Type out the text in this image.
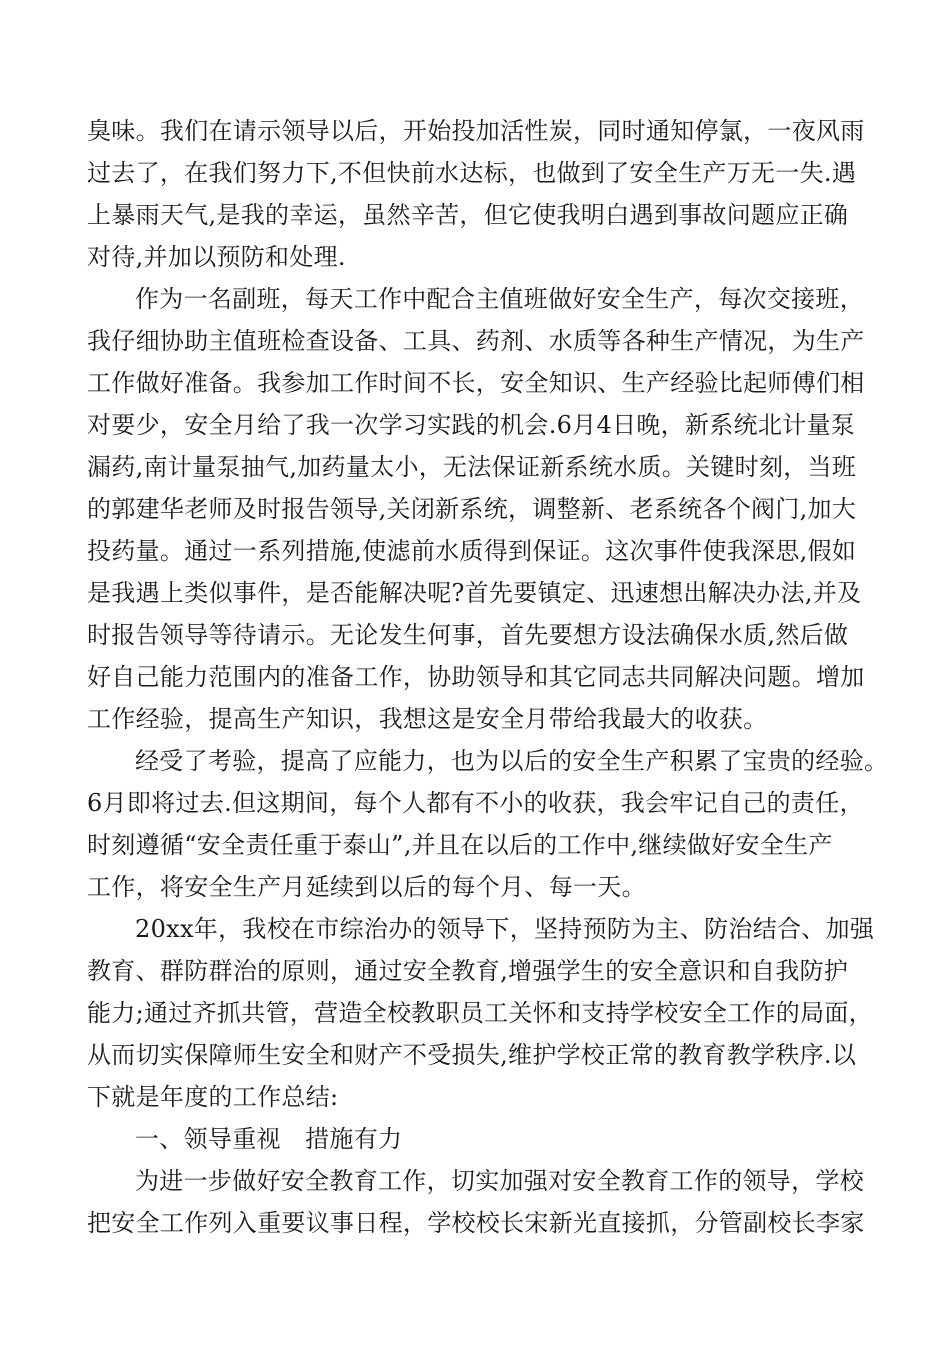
臭味。我们在请示领导以后，开始投加活性炭，同时通知停氯，一夜风雨
过去了，在我们努力下,不但快前水达标，也做到了安全生产万无一失.遇
上暴雨天气,是我的幸运，虽然辛苦，但它使我明白遇到事故问题应正确
对待,并加以预防和处理.
作为一名副班，每天工作中配合主值班做好安全生产，每次交接班，
我仔细协助主值班检查设备、工具、药剂、水质等各种生产情况，为生产
工作做好准备。我参加工作时间不长，安全知识、生产经验比起师傅们相
对要少，安全月给了我一次学习实践的机会.6月4日晚，新系统北计量泵
漏药,南计量泵抽气,加药量太小，无法保证新系统水质。关键时刻，当班
的郭建华老师及时报告领导,关闭新系统，调整新、老系统各个阀门,加大
投药量。通过一系列措施,使滤前水质得到保证。这次事件使我深思,假如
是我遇上类似事件，是否能解决呢?首先要镇定、迅速想出解决办法,并及
时报告领导等待请示。无论发生何事，首先要想方设法确保水质,然后做
好自己能力范围内的准备工作，协助领导和其它同志共同解决问题。增加
工作经验，提高生产知识，我想这是安全月带给我最大的收获。
经受了考验，提高了应能力，也为以后的安全生产积累了宝贵的经验。
6月即将过去.但这期间，每个人都有不小的收获，我会牢记自己的责任，
时刻遵循“安全责任重于泰山”,并且在以后的工作中,继续做好安全生产
工作，将安全生产月延续到以后的每个月、每一天。
20xx年，我校在市综治办的领导下，坚持预防为主、防治结合、加强
教育、群防群治的原则，通过安全教育,增强学生的安全意识和自我防护
能力;通过齐抓共管，营造全校教职员工关怀和支持学校安全工作的局面，
从而切实保障师生安全和财产不受损失,维护学校正常的教育教学秩序.以
下就是年度的工作总结:
一、领导重视　措施有力
为进一步做好安全教育工作，切实加强对安全教育工作的领导，学校
把安全工作列入重要议事日程，学校校长宋新光直接抓，分管副校长李家
